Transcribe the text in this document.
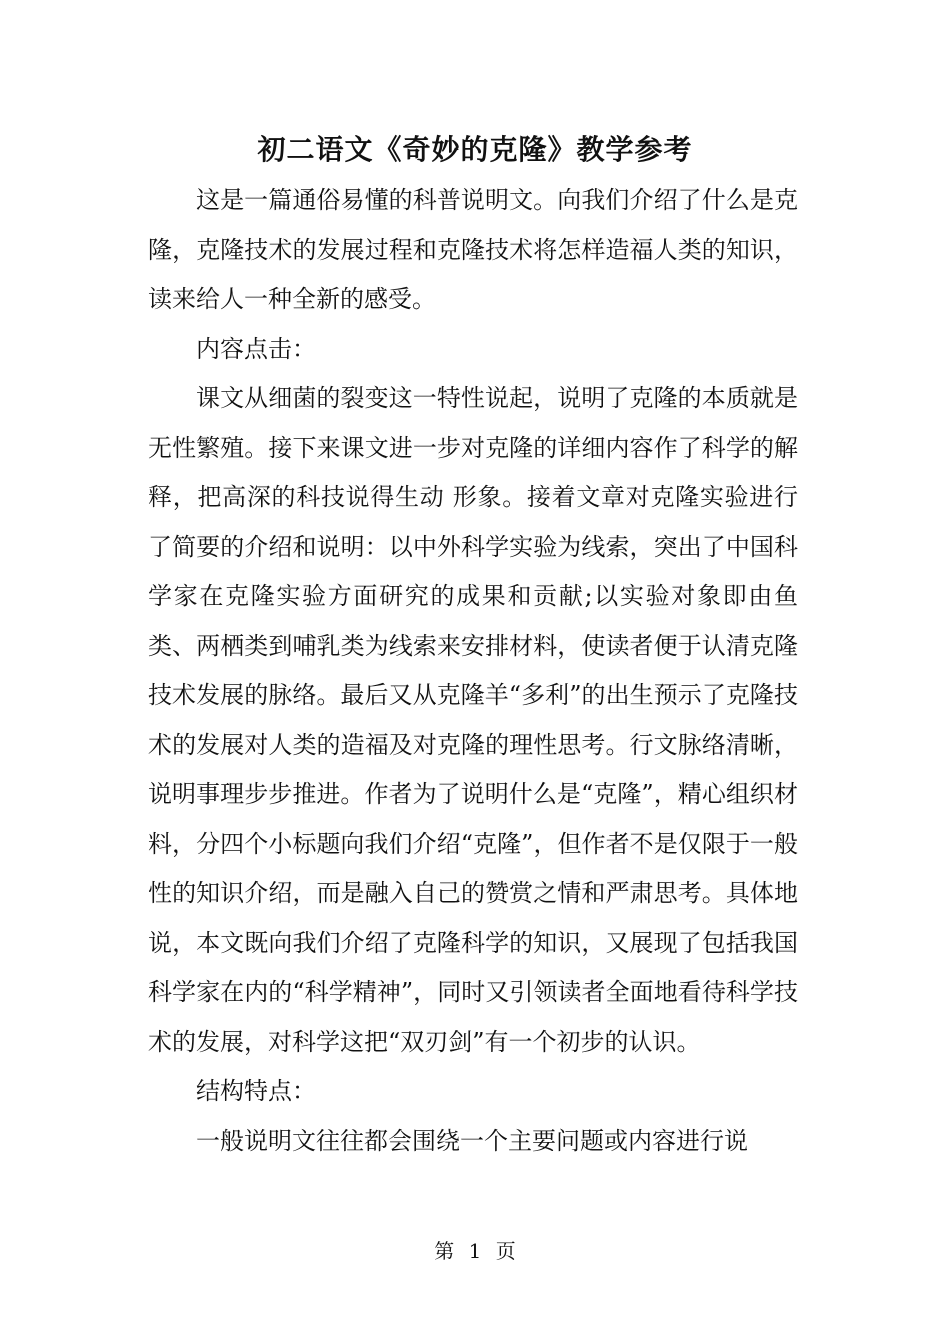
初二语文《奇妙的克隆》教学参考

这是一篇通俗易懂的科普说明文。向我们介绍了什么是克隆，克隆技术的发展过程和克隆技术将怎样造福人类的知识，读来给人一种全新的感受。

内容点击：

课文从细菌的裂变这一特性说起，说明了克隆的本质就是无性繁殖。接下来课文进一步对克隆的详细内容作了科学的解释，把高深的科技说得生动 形象。接着文章对克隆实验进行了简要的介绍和说明：以中外科学实验为线索，突出了中国科学家在克隆实验方面研究的成果和贡献;以实验对象即由鱼类、两栖类到哺乳类为线索来安排材料，使读者便于认清克隆技术发展的脉络。最后又从克隆羊“多利”的出生预示了克隆技术的发展对人类的造福及对克隆的理性思考。行文脉络清晰，说明事理步步推进。作者为了说明什么是“克隆”，精心组织材料，分四个小标题向我们介绍“克隆”，但作者不是仅限于一般性的知识介绍，而是融入自己的赞赏之情和严肃思考。具体地说，本文既向我们介绍了克隆科学的知识，又展现了包括我国科学家在内的“科学精神”，同时又引领读者全面地看待科学技术的发展，对科学这把“双刃剑”有一个初步的认识。

结构特点：

一般说明文往往都会围绕一个主要问题或内容进行说

第 1 页
